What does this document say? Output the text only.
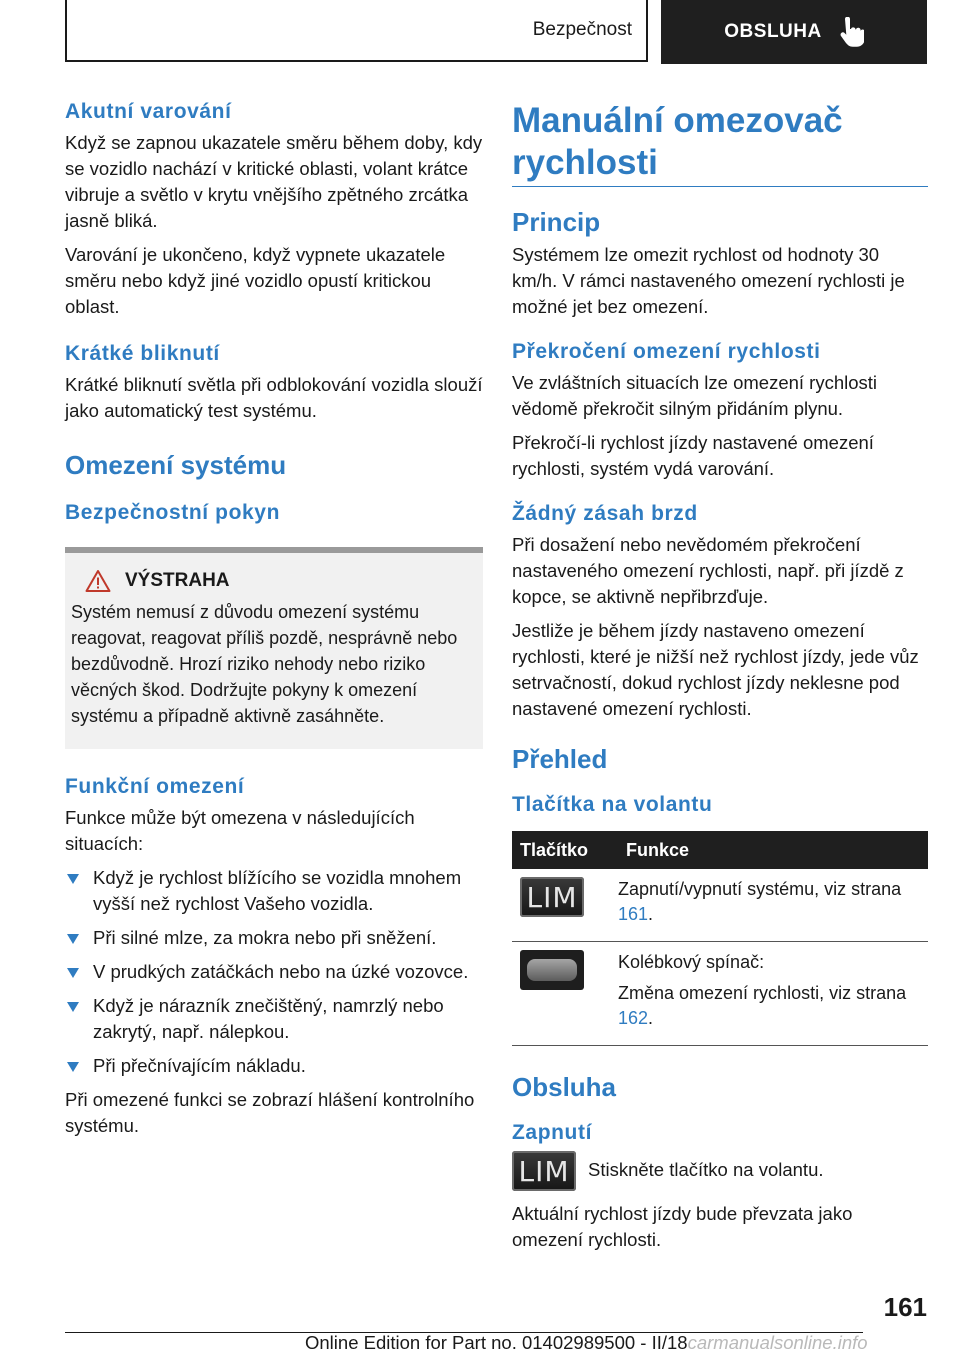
Bezpečnost	OBSLUHA
Akutní varování

Když se zapnou ukazatele směru během doby, kdy se vozidlo nachází v kritické oblasti, volant krátce vibruje a světlo v krytu vnějšího zpětného zrcátka jasně bliká.

Varování je ukončeno, když vypnete ukazatele směru nebo když jiné vozidlo opustí kritickou oblast.

Krátké bliknutí

Krátké bliknutí světla při odblokování vozidla slouží jako automatický test systému.

Omezení systému
Bezpečnostní pokyn
VÝSTRAHA

Systém nemusí z důvodu omezení systému reagovat, reagovat příliš pozdě, nesprávně nebo bezdůvodně. Hrozí riziko nehody nebo riziko věcných škod. Dodržujte pokyny k omezení systému a případně aktivně zasáhněte.

Funkční omezení

Funkce může být omezena v následujících situacích:

Když je rychlost blížícího se vozidla mnohem vyšší než rychlost Vašeho vozidla.
Při silné mlze, za mokra nebo při sněžení.
V prudkých zatáčkách nebo na úzké vozovce.
Když je nárazník znečištěný, namrzlý nebo zakrytý, např. nálepkou.
Při přečnívajícím nákladu.

Při omezené funkci se zobrazí hlášení kontrolního systému.

Manuální omezovač rychlosti
Princip

Systémem lze omezit rychlost od hodnoty 30 km/h. V rámci nastaveného omezení rychlosti je možné jet bez omezení.

Překročení omezení rychlosti

Ve zvláštních situacích lze omezení rychlosti vědomě překročit silným přidáním plynu.

Překročí-li rychlost jízdy nastavené omezení rychlosti, systém vydá varování.

Žádný zásah brzd

Při dosažení nebo nevědomém překročení nastaveného omezení rychlosti, např. při jízdě z kopce, se aktivně nepřibrzďuje.

Jestliže je během jízdy nastaveno omezení rychlosti, které je nižší než rychlost jízdy, jede vůz setrvačností, dokud rychlost jízdy neklesne pod nastavené omezení rychlosti.

Přehled
Tlačítka na volantu
Tlačítko	Funkce

LIM	Zapnutí/vypnutí systému, viz strana 161.

	Kolébkový spínač:

Změna omezení rychlosti, viz strana 162.

Obsluha
Zapnutí
LIM	Stiskněte tlačítko na volantu.

Aktuální rychlost jízdy bude převzata jako omezení rychlosti.

161
Online Edition for Part no. 01402989500 - II/18carmanualsonline.info
